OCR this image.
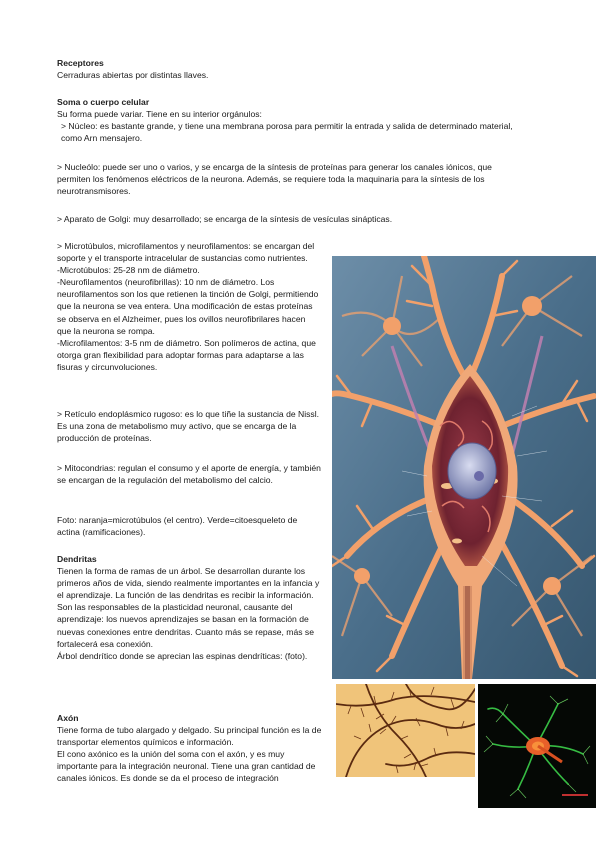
Receptores

Cerraduras abiertas por distintas llaves.

Soma o cuerpo celular

Su forma puede variar. Tiene en su interior orgánulos:

> Núcleo: es bastante grande, y tiene una membrana porosa para permitir la entrada y salida de determinado material, como Arn mensajero.

> Nucleólo: puede ser uno o varios, y se encarga de la síntesis de proteínas para generar los canales iónicos, que permiten los fenómenos eléctricos de la neurona. Además, se requiere toda la maquinaria para la síntesis de los neurotransmisores.

> Aparato de Golgi: muy desarrollado; se encarga de la síntesis de vesículas sinápticas.

> Microtúbulos, microfilamentos y neurofilamentos: se encargan del soporte y el transporte intracelular de sustancias como nutrientes.

-Microtúbulos: 25-28 nm de diámetro.

-Neurofilamentos (neurofibrillas): 10 nm de diámetro. Los neurofilamentos son los que retienen la tinción de Golgi, permitiendo que la neurona se vea entera. Una modificación de estas proteínas se observa en el Alzheimer, pues los ovillos neurofibrilares hacen que la neurona se rompa.

-Microfilamentos: 3-5 nm de diámetro. Son polímeros de actina, que otorga gran flexibilidad para adoptar formas para adaptarse a las fisuras y circunvoluciones.

> Retículo endoplásmico rugoso: es lo que tiñe la sustancia de Nissl. Es una zona de metabolismo muy activo, que se encarga de la producción de proteínas.

> Mitocondrias: regulan el consumo y el aporte de energía, y también se encargan de la regulación del metabolismo del calcio.

Foto: naranja=microtúbulos (el centro). Verde=citoesqueleto de actina (ramificaciones).

Dendritas

Tienen la forma de ramas de un árbol. Se desarrollan durante los primeros años de vida, siendo realmente importantes en la infancia y el aprendizaje. La función de las dendritas es recibir la información.

Son las responsables de la plasticidad neuronal, causante del aprendizaje: los nuevos aprendizajes se basan en la formación de nuevas conexiones entre dendritas. Cuanto más se repase, más se fortalecerá esa conexión.

Árbol dendrítico donde se aprecian las espinas dendríticas: (foto).

Axón

Tiene forma de tubo alargado y delgado. Su principal función es la de transportar elementos químicos e información.

El cono axónico es la unión del soma con el axón, y es muy importante para la integración neuronal. Tiene una gran cantidad de canales iónicos. Es donde se da el proceso de integración
